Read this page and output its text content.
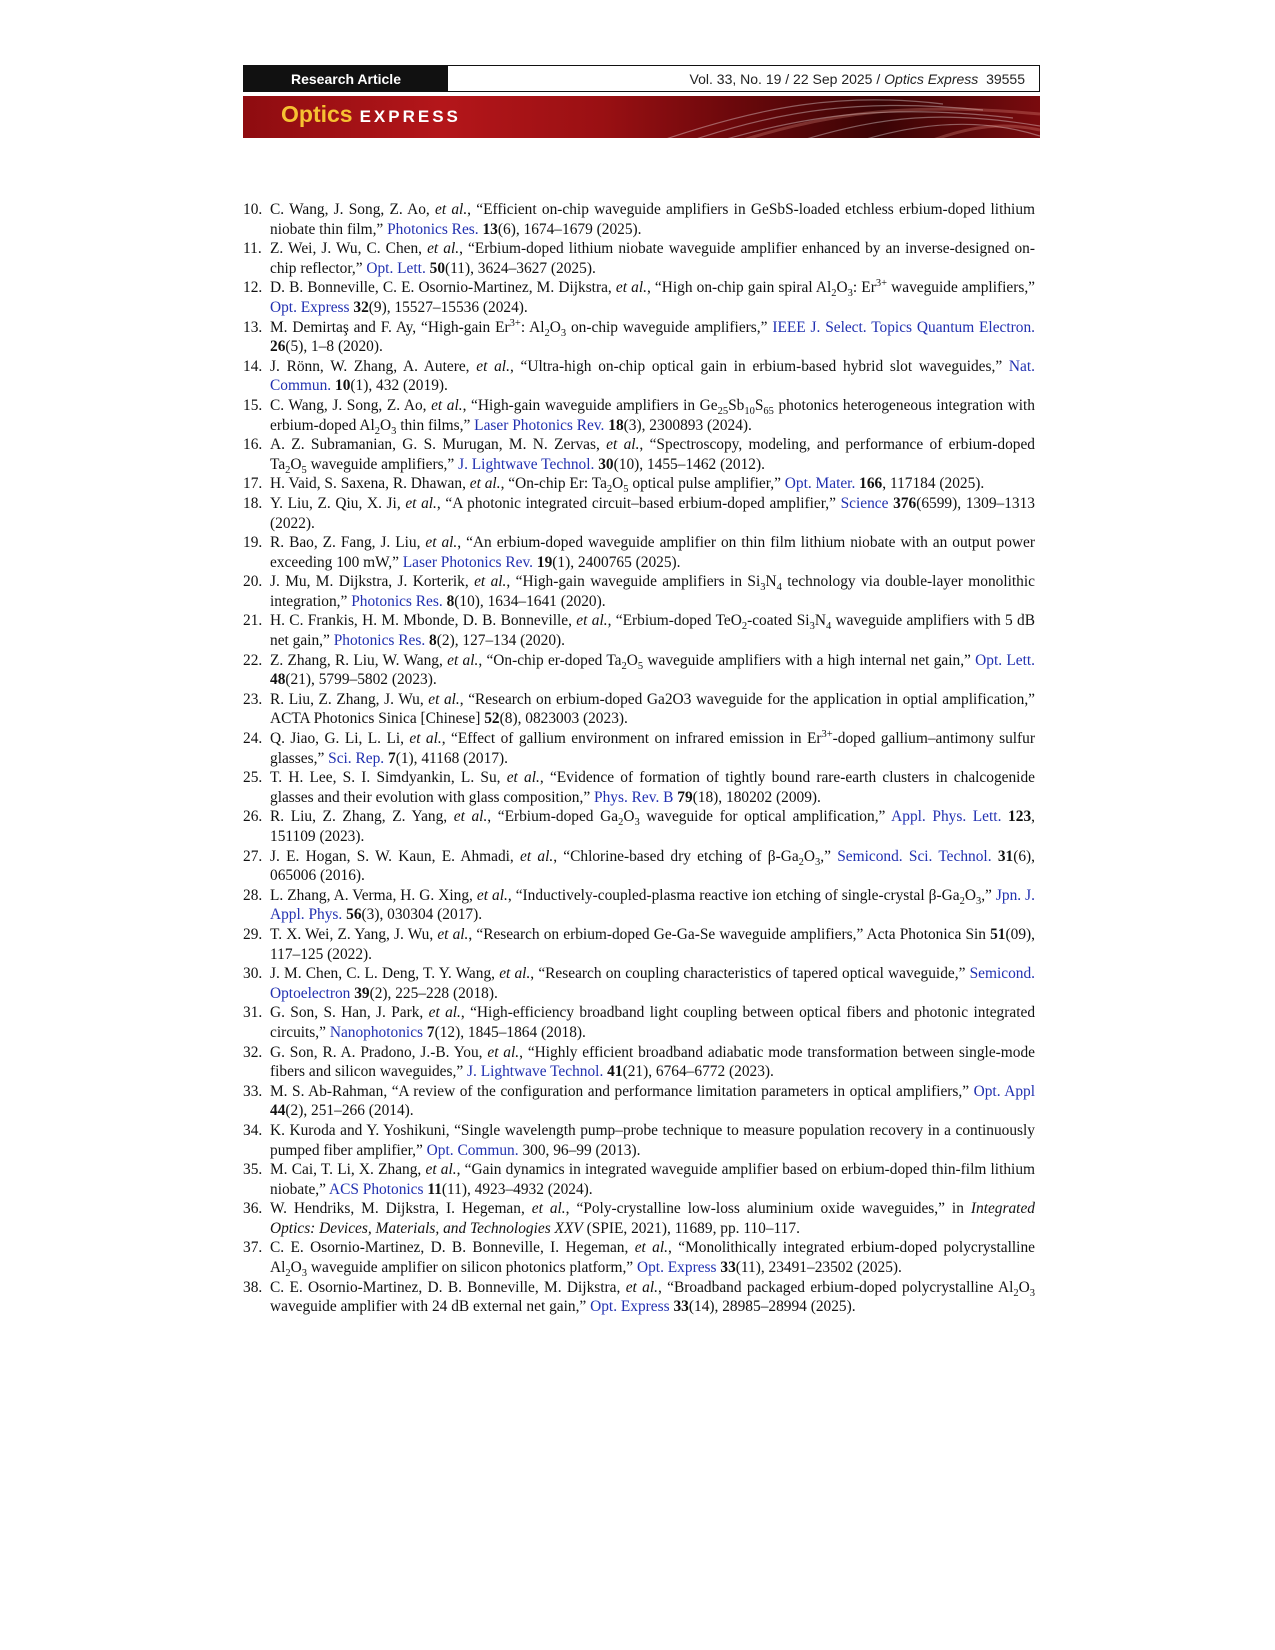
Research Article	Vol. 33, No. 19 / 22 Sep 2025 / Optics Express
39555
Optics EXPRESS
10. C. Wang, J. Song, Z. Ao, et al., “Efficient on-chip waveguide amplifiers in GeSbS-loaded etchless erbium-doped lithium niobate thin film,” Photonics Res. 13(6), 1674–1679 (2025).
11. Z. Wei, J. Wu, C. Chen, et al., “Erbium-doped lithium niobate waveguide amplifier enhanced by an inverse-designed on-chip reflector,” Opt. Lett. 50(11), 3624–3627 (2025).
12. D. B. Bonneville, C. E. Osornio-Martinez, M. Dijkstra, et al., “High on-chip gain spiral $Al_2O_3$: $Er^{3+}$ waveguide amplifiers,” Opt. Express 32(9), 15527–15536 (2024).
13. M. Demirtaş and F. Ay, “High-gain $Er^{3+}$: $Al_2O_3$ on-chip waveguide amplifiers,” IEEE J. Select. Topics Quantum Electron. 26(5), 1–8 (2020).
14. J. Rönn, W. Zhang, A. Autere, et al., “Ultra-high on-chip optical gain in erbium-based hybrid slot waveguides,” Nat. Commun. 10(1), 432 (2019).
15. C. Wang, J. Song, Z. Ao, et al., “High-gain waveguide amplifiers in $Ge_{25}Sb_{10}S_{65}$ photonics heterogeneous integration with erbium-doped $Al_2O_3$ thin films,” Laser Photonics Rev. 18(3), 2300893 (2024).
16. A. Z. Subramanian, G. S. Murugan, M. N. Zervas, et al., “Spectroscopy, modeling, and performance of erbium-doped $Ta_2O_5$ waveguide amplifiers,” J. Lightwave Technol. 30(10), 1455–1462 (2012).
17. H. Vaid, S. Saxena, R. Dhawan, et al., “On-chip Er: $Ta_2O_5$ optical pulse amplifier,” Opt. Mater. 166, 117184 (2025).
18. Y. Liu, Z. Qiu, X. Ji, et al., “A photonic integrated circuit–based erbium-doped amplifier,” Science 376(6599), 1309–1313 (2022).
19. R. Bao, Z. Fang, J. Liu, et al., “An erbium-doped waveguide amplifier on thin film lithium niobate with an output power exceeding 100 mW,” Laser Photonics Rev. 19(1), 2400765 (2025).
20. J. Mu, M. Dijkstra, J. Korterik, et al., “High-gain waveguide amplifiers in $Si_3N_4$ technology via double-layer monolithic integration,” Photonics Res. 8(10), 1634–1641 (2020).
21. H. C. Frankis, H. M. Mbonde, D. B. Bonneville, et al., “Erbium-doped TeO$_2$-coated $Si_3N_4$ waveguide amplifiers with 5 dB net gain,” Photonics Res. 8(2), 127–134 (2020).
22. Z. Zhang, R. Liu, W. Wang, et al., “On-chip er-doped $Ta_2O_5$ waveguide amplifiers with a high internal net gain,” Opt. Lett. 48(21), 5799–5802 (2023).
23. R. Liu, Z. Zhang, J. Wu, et al., “Research on erbium-doped Ga2O3 waveguide for the application in optial amplification,” ACTA Photonics Sinica [Chinese] 52(8), 0823003 (2023).
24. Q. Jiao, G. Li, L. Li, et al., “Effect of gallium environment on infrared emission in $Er^{3+}$-doped gallium–antimony sulfur glasses,” Sci. Rep. 7(1), 41168 (2017).
25. T. H. Lee, S. I. Simdyankin, L. Su, et al., “Evidence of formation of tightly bound rare-earth clusters in chalcogenide glasses and their evolution with glass composition,” Phys. Rev. B 79(18), 180202 (2009).
26. R. Liu, Z. Zhang, Z. Yang, et al., “Erbium-doped $Ga_2O_3$ waveguide for optical amplification,” Appl. Phys. Lett. 123, 151109 (2023).
27. J. E. Hogan, S. W. Kaun, E. Ahmadi, et al., “Chlorine-based dry etching of $\beta-Ga_2O_3$,” Semicond. Sci. Technol. 31(6), 065006 (2016).
28. L. Zhang, A. Verma, H. G. Xing, et al., “Inductively-coupled-plasma reactive ion etching of single-crystal $\beta-Ga_2O_3$,” Jpn. J. Appl. Phys. 56(3), 030304 (2017).
29. T. X. Wei, Z. Yang, J. Wu, et al., “Research on erbium-doped Ge-Ga-Se waveguide amplifiers,” Acta Photonica Sin 51(09), 117–125 (2022).
30. J. M. Chen, C. L. Deng, T. Y. Wang, et al., “Research on coupling characteristics of tapered optical waveguide,” Semicond. Optoelectron 39(2), 225–228 (2018).
31. G. Son, S. Han, J. Park, et al., “High-efficiency broadband light coupling between optical fibers and photonic integrated circuits,” Nanophotonics 7(12), 1845–1864 (2018).
32. G. Son, R. A. Pradono, J.-B. You, et al., “Highly efficient broadband adiabatic mode transformation between single-mode fibers and silicon waveguides,” J. Lightwave Technol. 41(21), 6764–6772 (2023).
33. M. S. Ab-Rahman, “A review of the configuration and performance limitation parameters in optical amplifiers,” Opt. Appl 44(2), 251–266 (2014).
34. K. Kuroda and Y. Yoshikuni, “Single wavelength pump–probe technique to measure population recovery in a continuously pumped fiber amplifier,” Opt. Commun. 300, 96–99 (2013).
35. M. Cai, T. Li, X. Zhang, et al., “Gain dynamics in integrated waveguide amplifier based on erbium-doped thin-film lithium niobate,” ACS Photonics 11(11), 4923–4932 (2024).
36. W. Hendriks, M. Dijkstra, I. Hegeman, et al., “Poly-crystalline low-loss aluminium oxide waveguides,” in Integrated Optics: Devices, Materials, and Technologies XXV (SPIE, 2021), 11689, pp. 110–117.
37. C. E. Osornio-Martinez, D. B. Bonneville, I. Hegeman, et al., “Monolithically integrated erbium-doped polycrystalline $Al_2O_3$ waveguide amplifier on silicon photonics platform,” Opt. Express 33(11), 23491–23502 (2025).
38. C. E. Osornio-Martinez, D. B. Bonneville, M. Dijkstra, et al., “Broadband packaged erbium-doped polycrystalline $Al_2O_3$ waveguide amplifier with 24 dB external net gain,” Opt. Express 33(14), 28985–28994 (2025).
